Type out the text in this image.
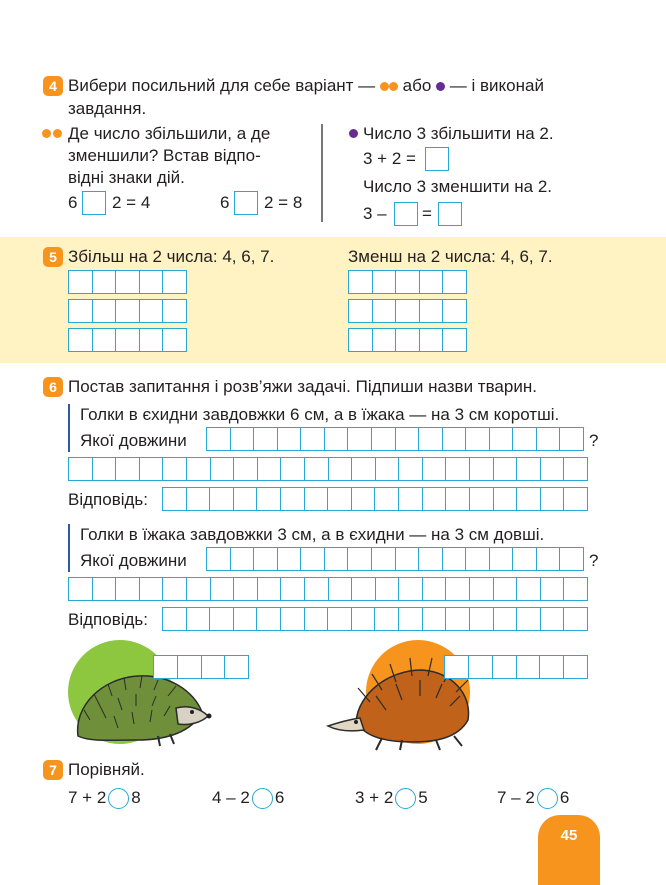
4 Вибери посильний для себе варіант — або — і виконай
завдання.
Де число збільшили, а де
зменшили? Встав відпо-
відні знаки дій.
6 2 = 4	6 2 = 8
Число 3 збільшити на 2.
3 + 2 =
Число 3 зменшити на 2.
3 – =
5 Збільш на 2 числа: 4, 6, 7.	Зменш на 2 числа: 4, 6, 7.
6 Постав запитання і розв’яжи задачі. Підпиши назви тварин.
Голки в єхидни завдовжки 6 см, а в їжака — на 3 см коротші.
Якої довжини	?
Відповідь:
Голки в їжака завдовжки 3 см, а в єхидни — на 3 см довші.
Якої довжини	?
Відповідь:
7 Порівняй.
7 + 2 8	4 – 2 6	3 + 2 5	7 – 2 6
45
